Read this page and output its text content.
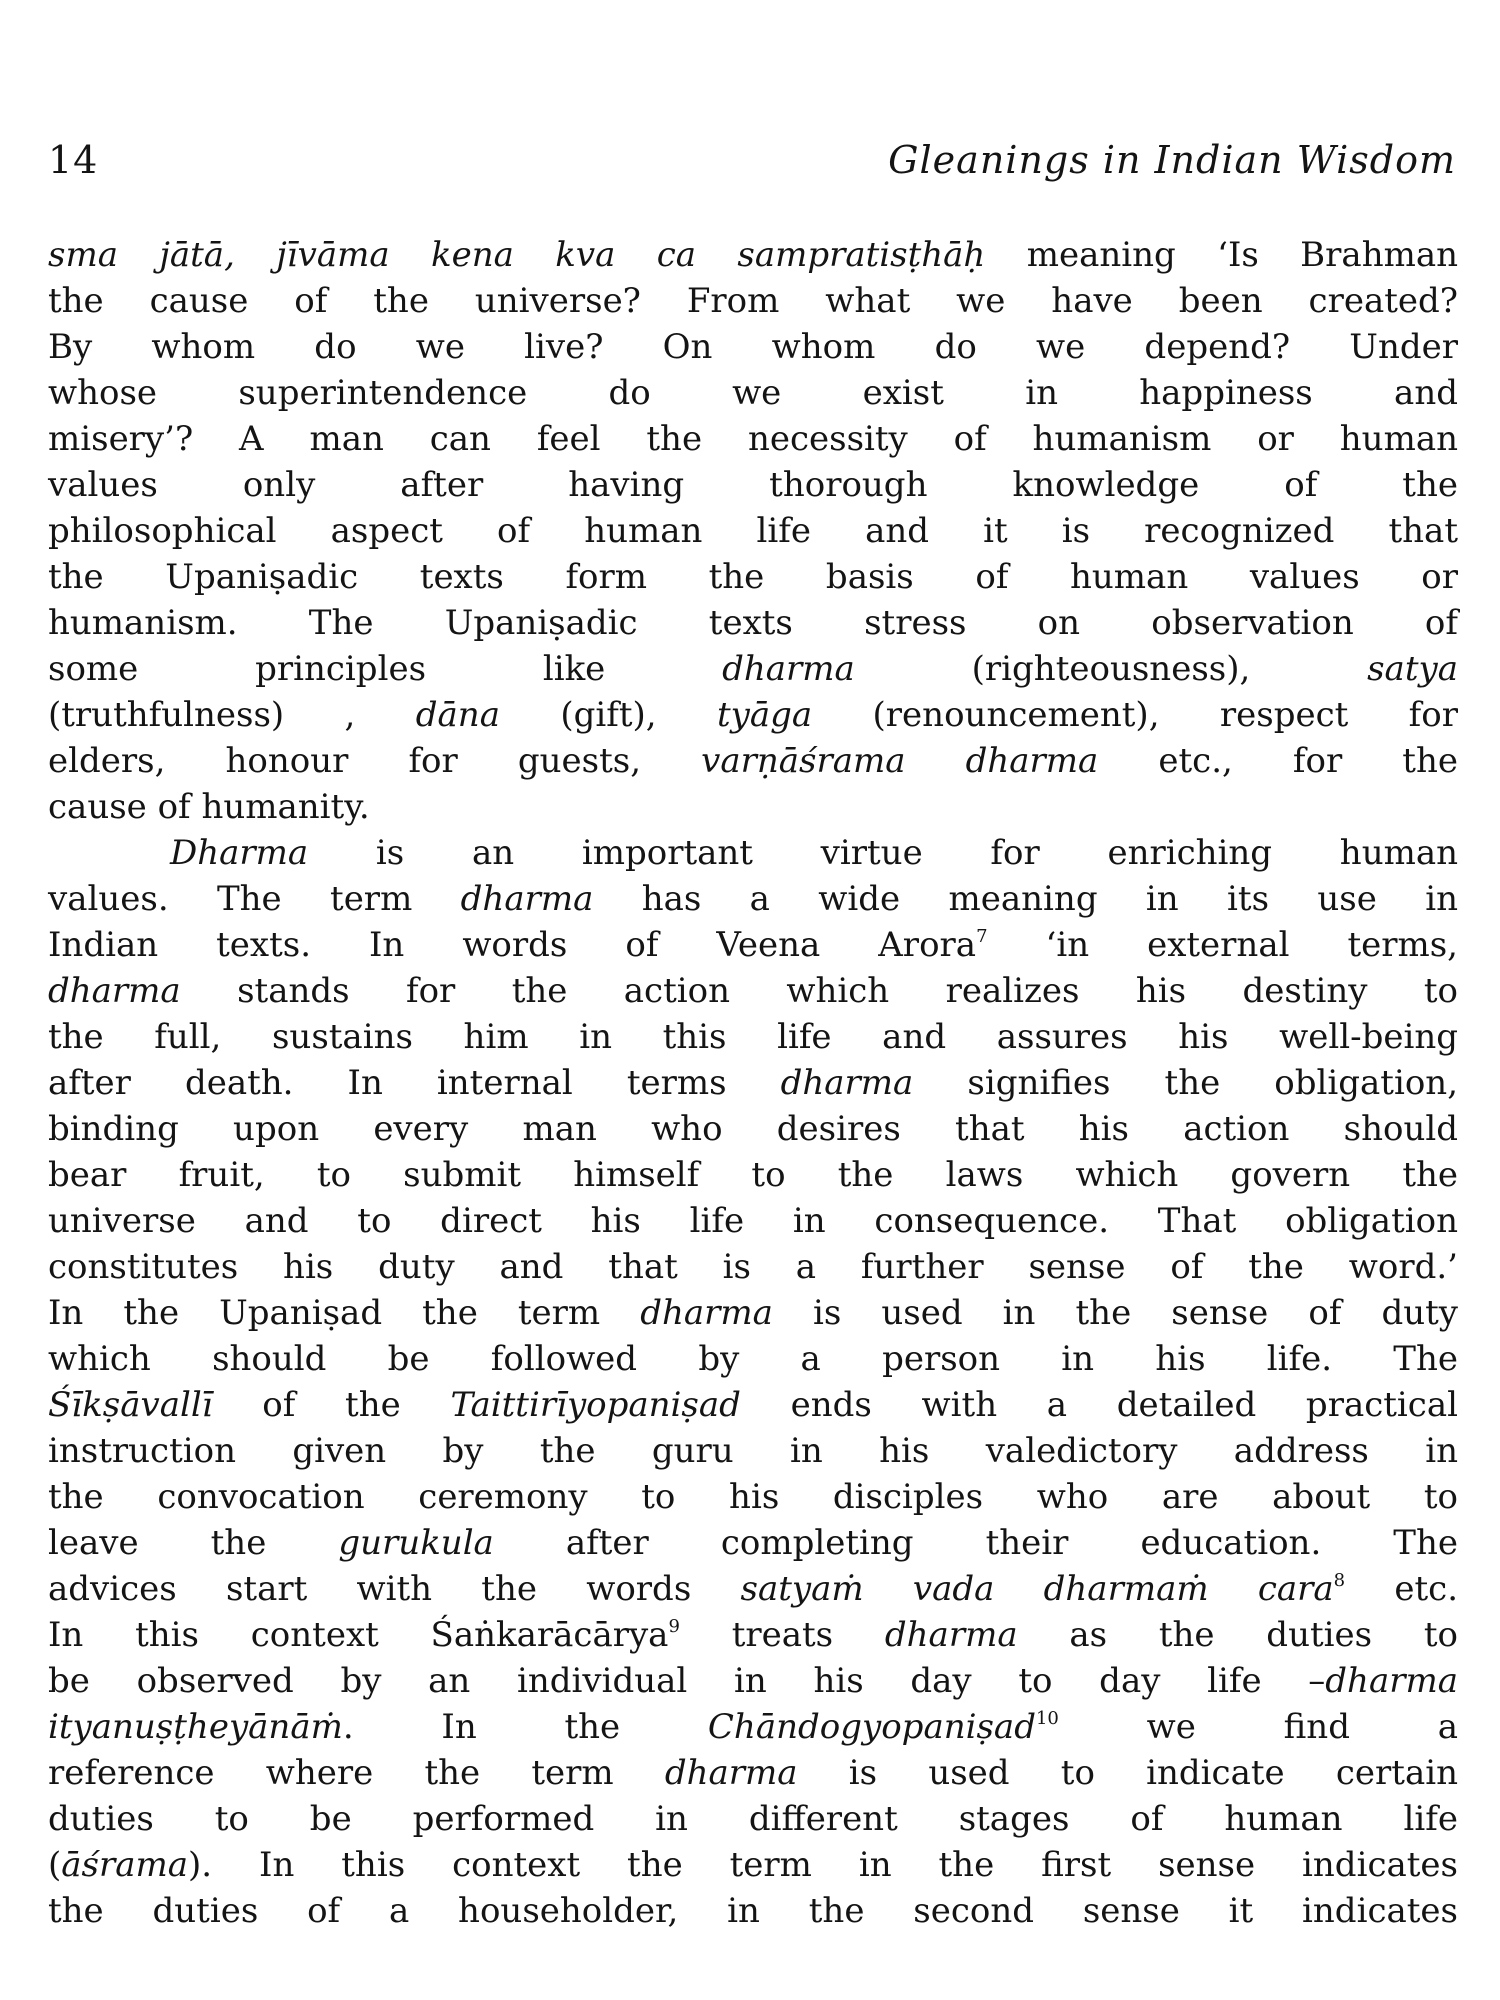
14	Gleanings in Indian Wisdom

sma jātā, jīvāma kena kva ca sampratisṭhāḥ meaning ‘Is Brahman
the cause of the universe? From what we have been created?
By whom do we live? On whom do we depend? Under
whose superintendence do we exist in happiness and
misery’? A man can feel the necessity of humanism or human
values only after having thorough knowledge of the
philosophical aspect of human life and it is recognized that
the Upaniṣadic texts form the basis of human values or
humanism. The Upaniṣadic texts stress on observation of
some principles like dharma (righteousness), satya
(truthfulness) , dāna (gift), tyāga (renouncement), respect for
elders, honour for guests, varṇāśrama dharma etc., for the
cause of humanity.

Dharma is an important virtue for enriching human
values. The term dharma has a wide meaning in its use in
Indian texts. In words of Veena Arora$^7$ ‘in external terms,
dharma stands for the action which realizes his destiny to
the full, sustains him in this life and assures his well-being
after death. In internal terms dharma signifies the obligation,
binding upon every man who desires that his action should
bear fruit, to submit himself to the laws which govern the
universe and to direct his life in consequence. That obligation
constitutes his duty and that is a further sense of the word.’
In the Upaniṣad the term dharma is used in the sense of duty
which should be followed by a person in his life. The
Śīkṣāvallī of the Taittirīyopaniṣad ends with a detailed practical
instruction given by the guru in his valedictory address in
the convocation ceremony to his disciples who are about to
leave the gurukula after completing their education. The
advices start with the words satyaṁ vada dharmaṁ cara$^8$ etc.
In this context Śaṅkarācārya$^9$ treats dharma as the duties to
be observed by an individual in his day to day life –dharma
ityanuṣṭheyānāṁ. In the Chāndogyopaniṣad$^{10}$ we find a
reference where the term dharma is used to indicate certain
duties to be performed in different stages of human life
(āśrama). In this context the term in the first sense indicates
the duties of a householder, in the second sense it indicates
